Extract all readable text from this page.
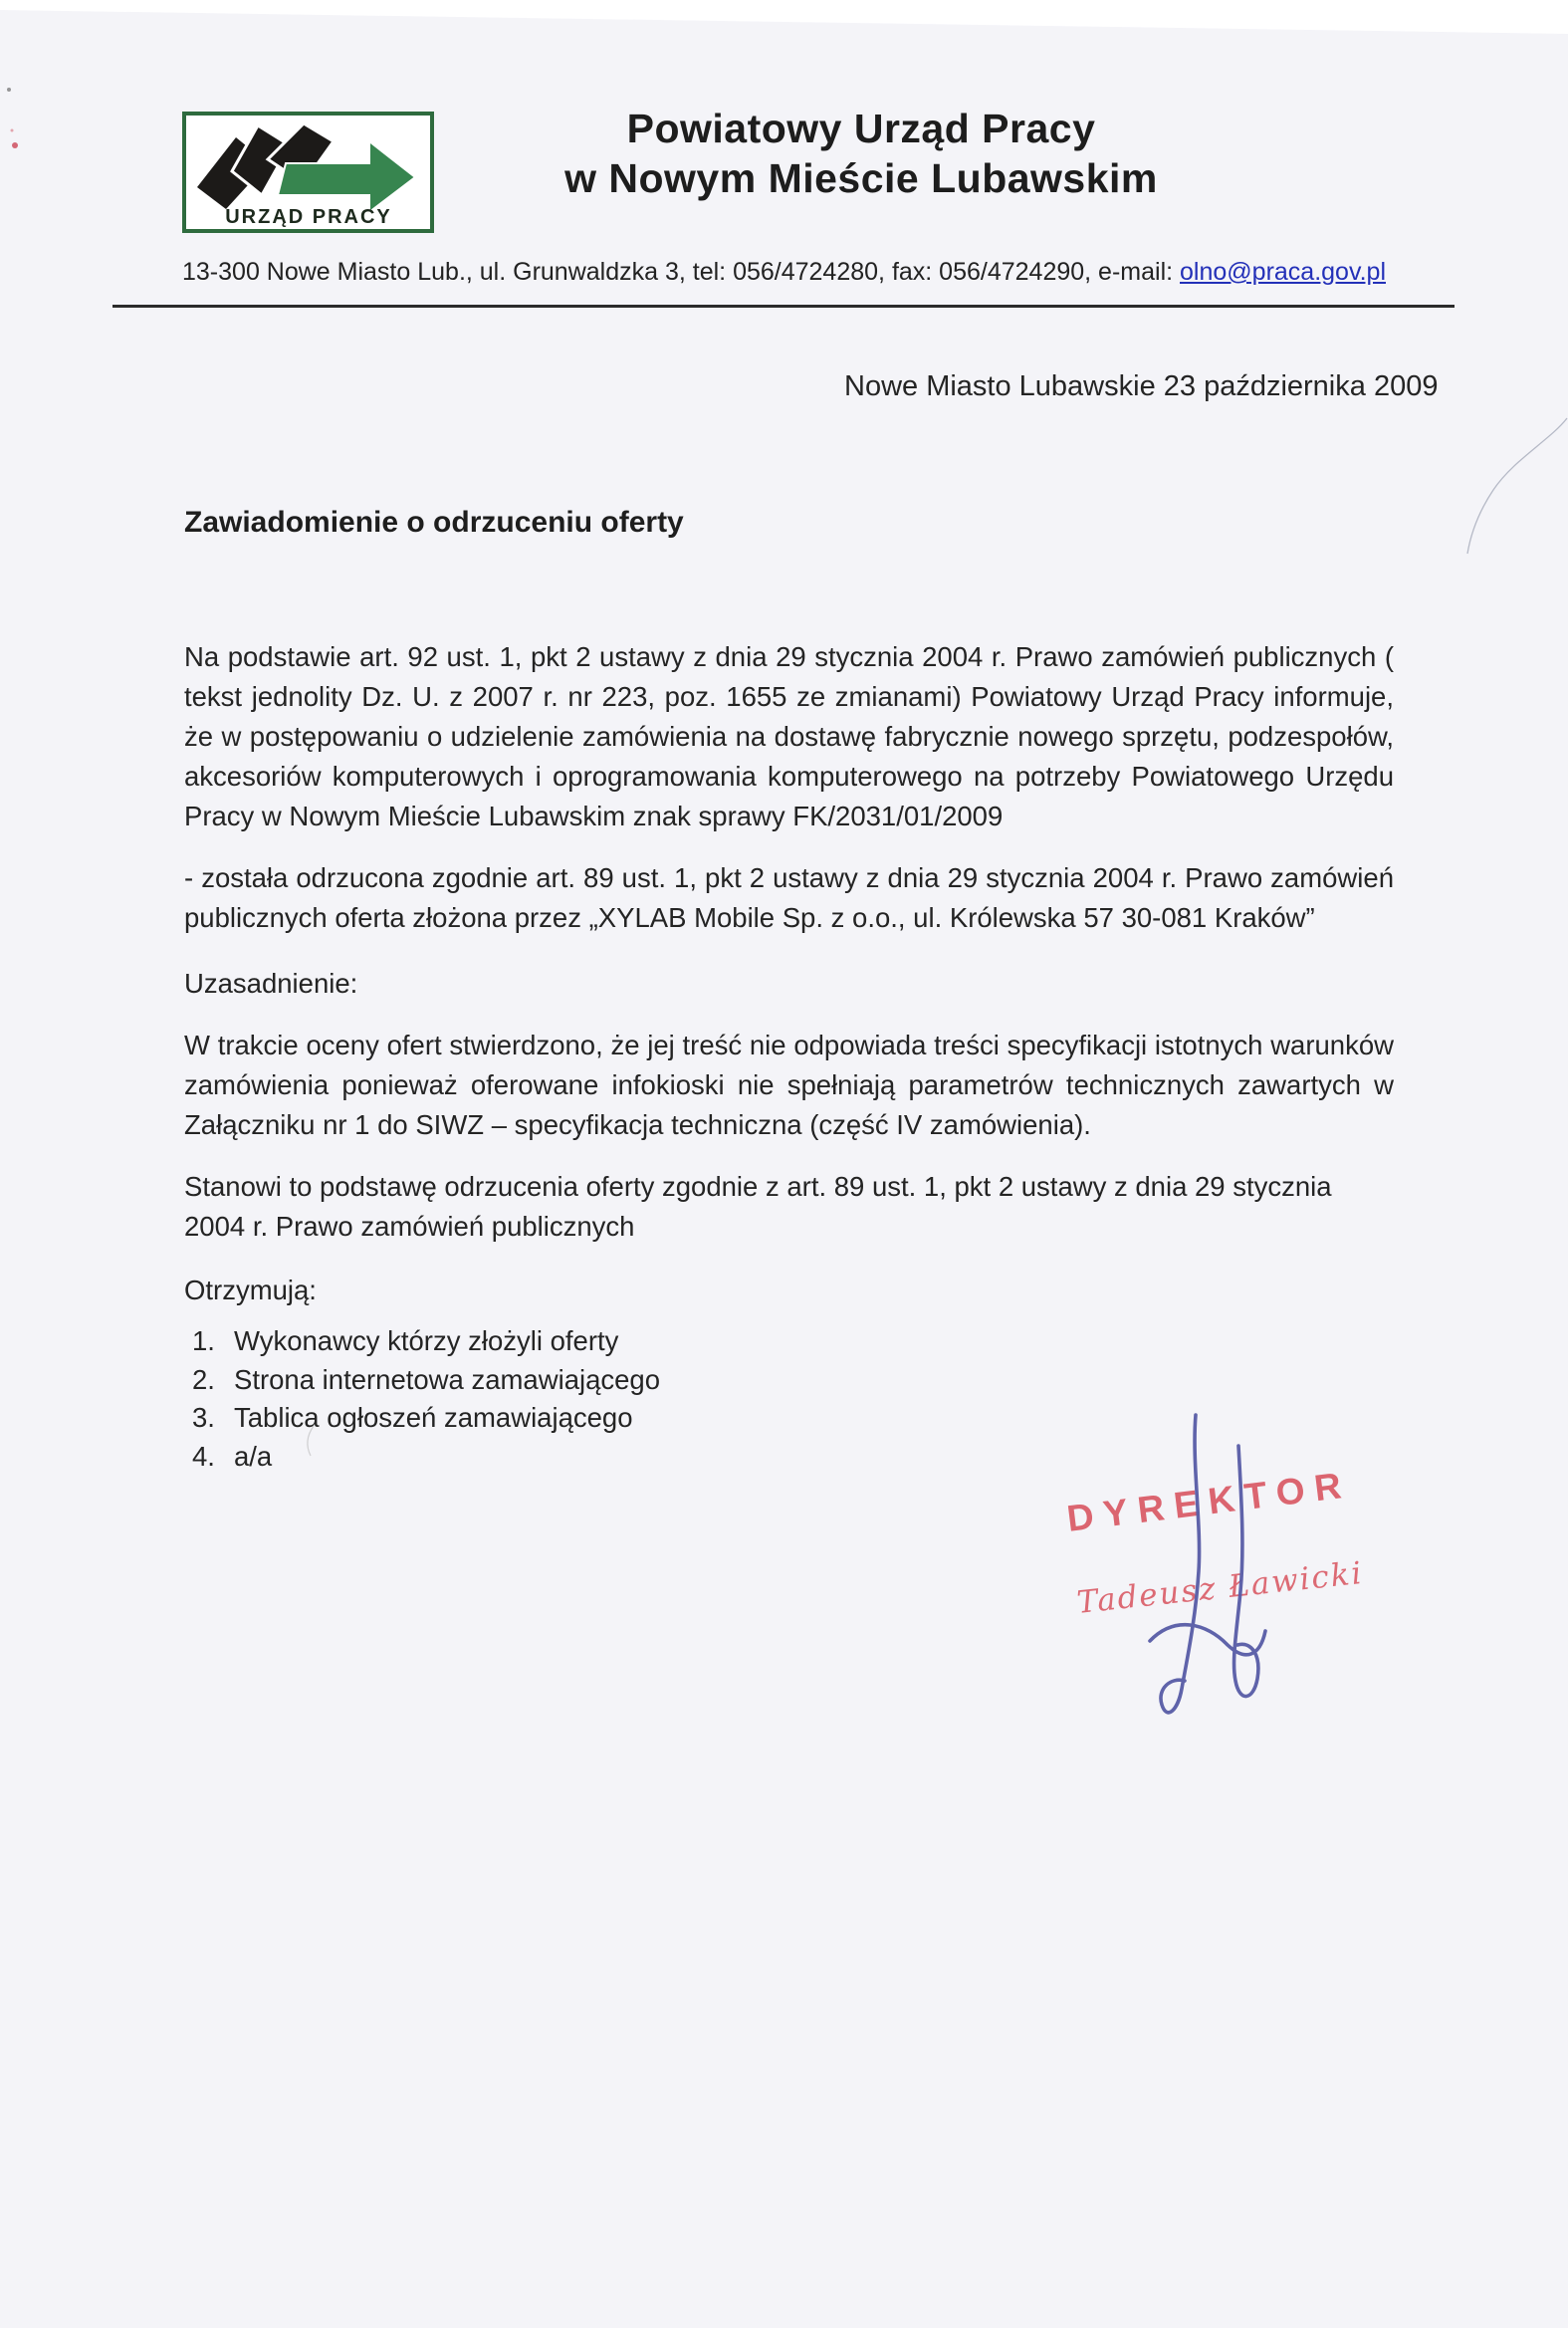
URZĄD PRACY
Powiatowy Urząd Pracy
w Nowym Mieście Lubawskim
13-300 Nowe Miasto Lub., ul. Grunwaldzka 3, tel: 056/4724280, fax: 056/4724290, e-mail: olno@praca.gov.pl
Nowe Miasto Lubawskie 23 października 2009
Zawiadomienie o odrzuceniu oferty
Na podstawie art. 92 ust. 1, pkt 2 ustawy z dnia 29 stycznia 2004 r. Prawo zamówień publicznych ( tekst jednolity Dz. U. z 2007 r. nr 223, poz. 1655 ze zmianami) Powiatowy Urząd Pracy informuje, że w postępowaniu o udzielenie zamówienia na dostawę fabrycznie nowego sprzętu, podzespołów, akcesoriów komputerowych i oprogramowania komputerowego na potrzeby Powiatowego Urzędu Pracy w Nowym Mieście Lubawskim znak sprawy FK/2031/01/2009
- została odrzucona zgodnie art. 89 ust. 1, pkt 2 ustawy z dnia 29 stycznia 2004 r. Prawo zamówień publicznych oferta złożona przez „XYLAB Mobile Sp. z o.o., ul. Królewska 57 30-081 Kraków”
Uzasadnienie:
W trakcie oceny ofert stwierdzono, że jej treść nie odpowiada treści specyfikacji istotnych warunków zamówienia ponieważ oferowane infokioski nie spełniają parametrów technicznych zawartych w Załączniku nr 1 do SIWZ – specyfikacja techniczna (część IV zamówienia).
Stanowi to podstawę odrzucenia oferty zgodnie z art. 89 ust. 1, pkt 2 ustawy z dnia 29 stycznia 2004 r. Prawo zamówień publicznych
Otrzymują:
1. Wykonawcy którzy złożyli oferty
2. Strona internetowa zamawiającego
3. Tablica ogłoszeń zamawiającego
4. a/a
DYREKTOR
Tadeusz Ławicki
